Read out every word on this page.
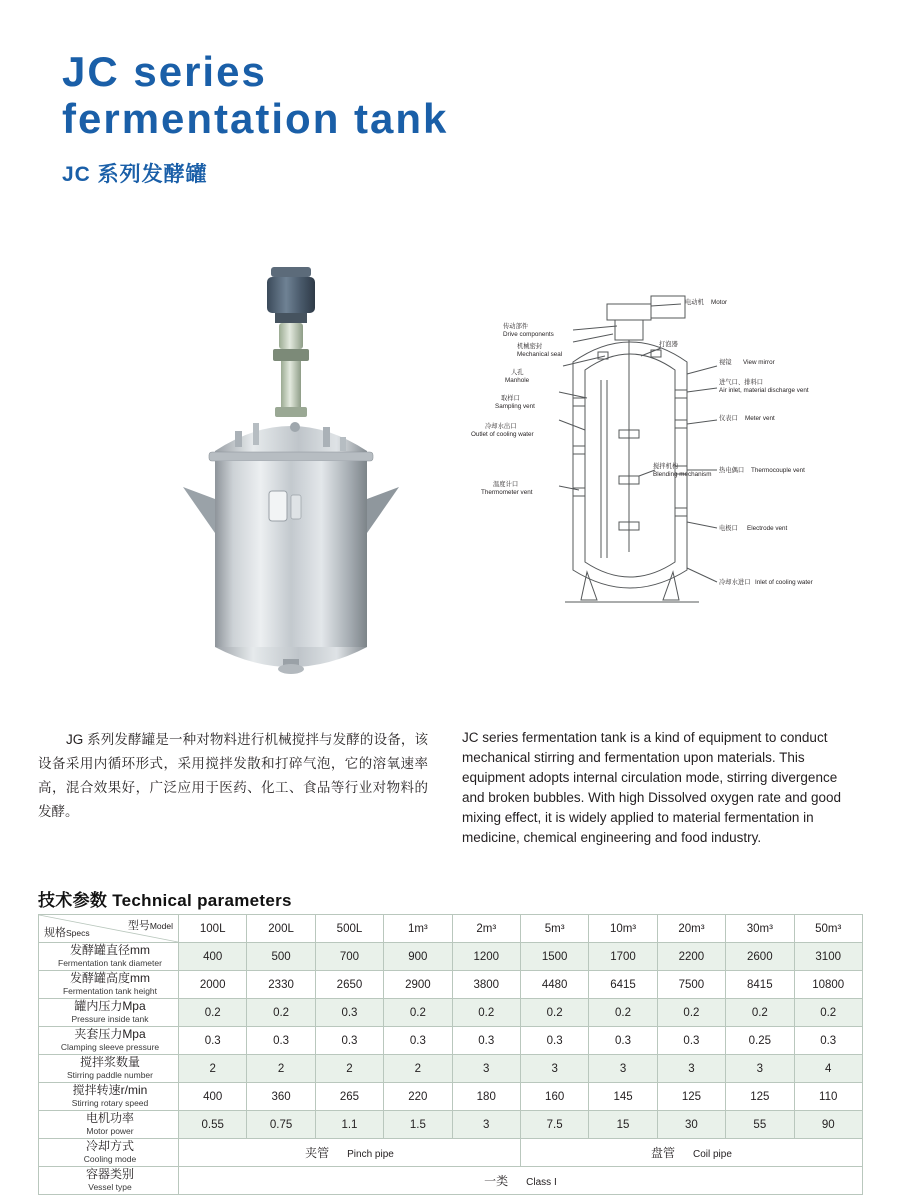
JC series
fermentation tank
JC 系列发酵罐
传动部件
Drive components
机械密封
Mechanical seal
人孔
Manhole
取样口
Sampling vent
冷却水出口
Outlet of cooling water
温度计口
Thermometer vent
电动机 Motor
视镜 View mirror
进气口、排料口
Air inlet, material discharge vent
仪表口 Meter vent
热电偶口 Thermocouple vent
电极口 Electrode vent
冷却水进口 Inlet of cooling water
打泡器
搅拌机构
Blending mechanism
JG 系列发酵罐是一种对物料进行机械搅拌与发酵的设备，该设备采用内循环形式，采用搅拌发散和打碎气泡，它的溶氧速率高，混合效果好，广泛应用于医药、化工、食品等行业对物料的发酵。
JC series fermentation tank is a kind of equipment to conduct mechanical stirring and fermentation upon materials. This equipment adopts internal circulation mode, stirring divergence and broken bubbles. With high Dissolved oxygen rate and good mixing effect, it is widely applied to material fermentation in medicine, chemical engineering and food industry.
技术参数 Technical parameters
型号Model
规格Specs	100L	200L	500L	1m³	2m³	5m³	10m³	20m³	30m³	50m³

发酵罐直径mm
Fermentation tank diameter	400	500	700	900	1200	1500	1700	2200	2600	3100

发酵罐高度mm
Fermentation tank height	2000	2330	2650	2900	3800	4480	6415	7500	8415	10800

罐内压力Mpa
Pressure inside tank	0.2	0.2	0.3	0.2	0.2	0.2	0.2	0.2	0.2	0.2

夹套压力Mpa
Clamping sleeve pressure	0.3	0.3	0.3	0.3	0.3	0.3	0.3	0.3	0.25	0.3

搅拌浆数量
Stirring paddle number	2	2	2	2	3	3	3	3	3	4

搅拌转速r/min
Stirring rotary speed	400	360	265	220	180	160	145	125	125	110

电机功率
Motor power	0.55	0.75	1.1	1.5	3	7.5	15	30	55	90

冷却方式
Cooling mode	夹管 Pinch pipe					盘管 Coil pipe				

容器类别
Vessel type	一类 Class I									
